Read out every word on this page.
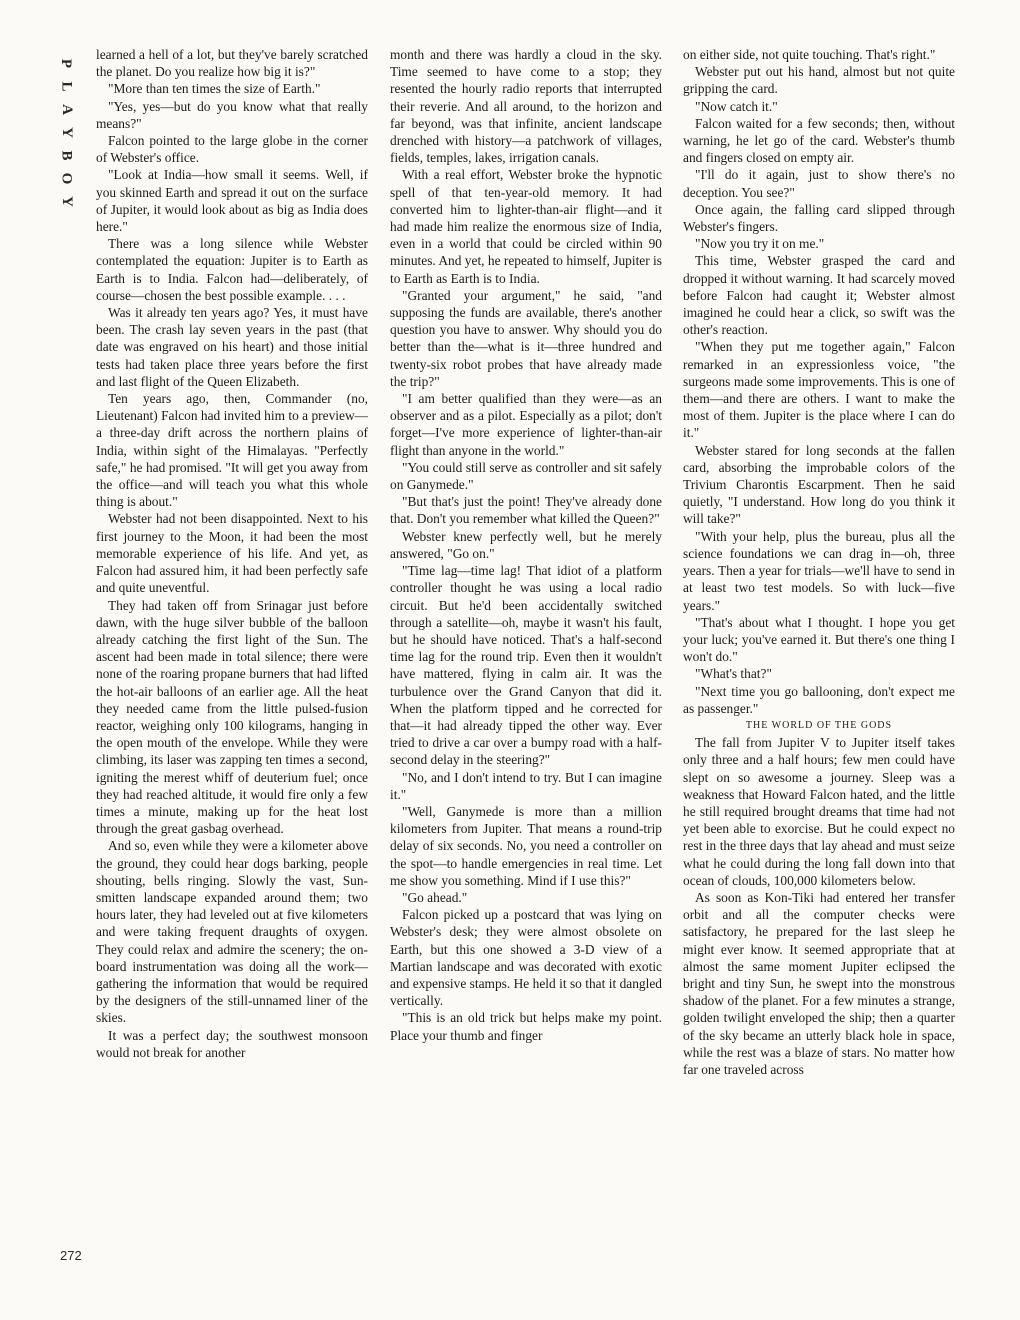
P
L
A
Y
B
O
Y
272

learned a hell of a lot, but they've barely scratched the planet. Do you realize how big it is?"

"More than ten times the size of Earth."

"Yes, yes—but do you know what that really means?"

Falcon pointed to the large globe in the corner of Webster's office.

"Look at India—how small it seems. Well, if you skinned Earth and spread it out on the surface of Jupiter, it would look about as big as India does here."

There was a long silence while Webster contemplated the equation: Jupiter is to Earth as Earth is to India. Falcon had—deliberately, of course—chosen the best possible example. . . .

Was it already ten years ago? Yes, it must have been. The crash lay seven years in the past (that date was engraved on his heart) and those initial tests had taken place three years before the first and last flight of the Queen Elizabeth.

Ten years ago, then, Commander (no, Lieutenant) Falcon had invited him to a preview—a three-day drift across the northern plains of India, within sight of the Himalayas. "Perfectly safe," he had promised. "It will get you away from the office—and will teach you what this whole thing is about."

Webster had not been disappointed. Next to his first journey to the Moon, it had been the most memorable experience of his life. And yet, as Falcon had assured him, it had been perfectly safe and quite uneventful.

They had taken off from Srinagar just before dawn, with the huge silver bubble of the balloon already catching the first light of the Sun. The ascent had been made in total silence; there were none of the roaring propane burners that had lifted the hot-air balloons of an earlier age. All the heat they needed came from the little pulsed-fusion reactor, weighing only 100 kilograms, hanging in the open mouth of the envelope. While they were climbing, its laser was zapping ten times a second, igniting the merest whiff of deuterium fuel; once they had reached altitude, it would fire only a few times a minute, making up for the heat lost through the great gasbag overhead.

And so, even while they were a kilometer above the ground, they could hear dogs barking, people shouting, bells ringing. Slowly the vast, Sun-smitten landscape expanded around them; two hours later, they had leveled out at five kilometers and were taking frequent draughts of oxygen. They could relax and admire the scenery; the on-board instrumentation was doing all the work—gathering the information that would be required by the designers of the still-unnamed liner of the skies.

It was a perfect day; the southwest monsoon would not break for another

month and there was hardly a cloud in the sky. Time seemed to have come to a stop; they resented the hourly radio reports that interrupted their reverie. And all around, to the horizon and far beyond, was that infinite, ancient landscape drenched with history—a patchwork of villages, fields, temples, lakes, irrigation canals.

With a real effort, Webster broke the hypnotic spell of that ten-year-old memory. It had converted him to lighter-than-air flight—and it had made him realize the enormous size of India, even in a world that could be circled within 90 minutes. And yet, he repeated to himself, Jupiter is to Earth as Earth is to India.

"Granted your argument," he said, "and supposing the funds are available, there's another question you have to answer. Why should you do better than the—what is it—three hundred and twenty-six robot probes that have already made the trip?"

"I am better qualified than they were—as an observer and as a pilot. Especially as a pilot; don't forget—I've more experience of lighter-than-air flight than anyone in the world."

"You could still serve as controller and sit safely on Ganymede."

"But that's just the point! They've already done that. Don't you remember what killed the Queen?"

Webster knew perfectly well, but he merely answered, "Go on."

"Time lag—time lag! That idiot of a platform controller thought he was using a local radio circuit. But he'd been accidentally switched through a satellite—oh, maybe it wasn't his fault, but he should have noticed. That's a half-second time lag for the round trip. Even then it wouldn't have mattered, flying in calm air. It was the turbulence over the Grand Canyon that did it. When the platform tipped and he corrected for that—it had already tipped the other way. Ever tried to drive a car over a bumpy road with a half-second delay in the steering?"

"No, and I don't intend to try. But I can imagine it."

"Well, Ganymede is more than a million kilometers from Jupiter. That means a round-trip delay of six seconds. No, you need a controller on the spot—to handle emergencies in real time. Let me show you something. Mind if I use this?"

"Go ahead."

Falcon picked up a postcard that was lying on Webster's desk; they were almost obsolete on Earth, but this one showed a 3-D view of a Martian landscape and was decorated with exotic and expensive stamps. He held it so that it dangled vertically.

"This is an old trick but helps make my point. Place your thumb and finger

on either side, not quite touching. That's right."

Webster put out his hand, almost but not quite gripping the card.

"Now catch it."

Falcon waited for a few seconds; then, without warning, he let go of the card. Webster's thumb and fingers closed on empty air.

"I'll do it again, just to show there's no deception. You see?"

Once again, the falling card slipped through Webster's fingers.

"Now you try it on me."

This time, Webster grasped the card and dropped it without warning. It had scarcely moved before Falcon had caught it; Webster almost imagined he could hear a click, so swift was the other's reaction.

"When they put me together again," Falcon remarked in an expressionless voice, "the surgeons made some improvements. This is one of them—and there are others. I want to make the most of them. Jupiter is the place where I can do it."

Webster stared for long seconds at the fallen card, absorbing the improbable colors of the Trivium Charontis Escarpment. Then he said quietly, "I understand. How long do you think it will take?"

"With your help, plus the bureau, plus all the science foundations we can drag in—oh, three years. Then a year for trials—we'll have to send in at least two test models. So with luck—five years."

"That's about what I thought. I hope you get your luck; you've earned it. But there's one thing I won't do."

"What's that?"

"Next time you go ballooning, don't expect me as passenger."

THE WORLD OF THE GODS

The fall from Jupiter V to Jupiter itself takes only three and a half hours; few men could have slept on so awesome a journey. Sleep was a weakness that Howard Falcon hated, and the little he still required brought dreams that time had not yet been able to exorcise. But he could expect no rest in the three days that lay ahead and must seize what he could during the long fall down into that ocean of clouds, 100,000 kilometers below.

As soon as Kon-Tiki had entered her transfer orbit and all the computer checks were satisfactory, he prepared for the last sleep he might ever know. It seemed appropriate that at almost the same moment Jupiter eclipsed the bright and tiny Sun, he swept into the monstrous shadow of the planet. For a few minutes a strange, golden twilight enveloped the ship; then a quarter of the sky became an utterly black hole in space, while the rest was a blaze of stars. No matter how far one traveled across
